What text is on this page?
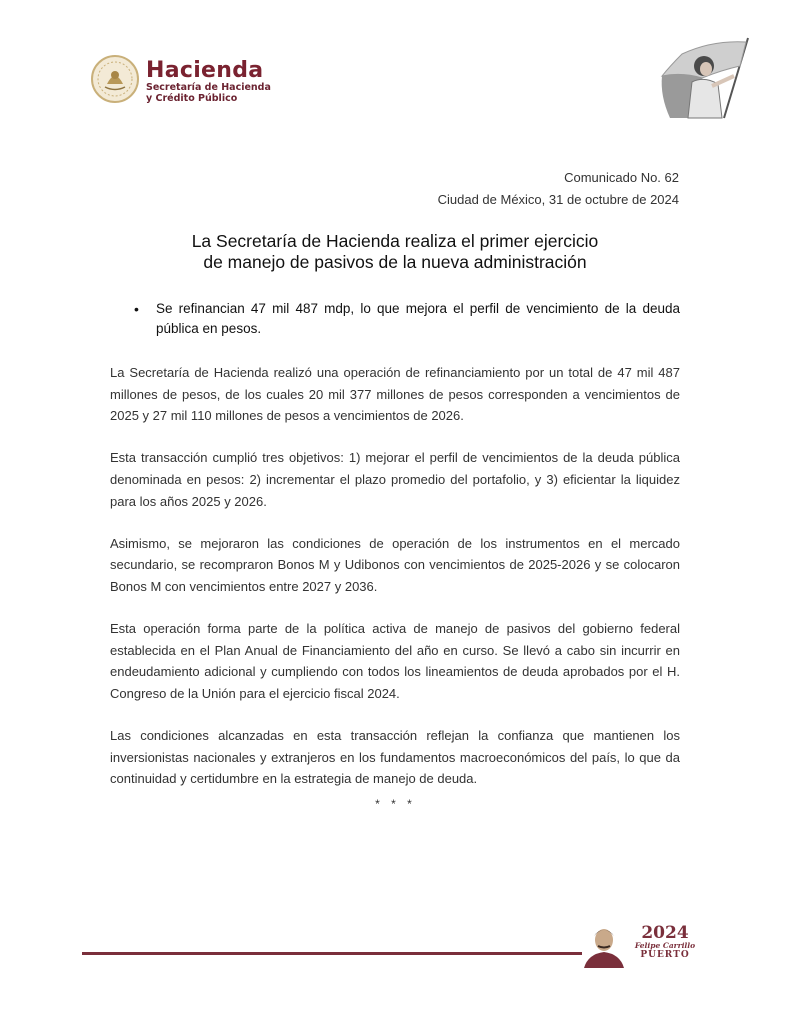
Hacienda
Secretaría de Hacienda
y Crédito Público
Comunicado No. 62
Ciudad de México, 31 de octubre de 2024
La Secretaría de Hacienda realiza el primer ejercicio
de manejo de pasivos de la nueva administración
•	Se refinancian 47 mil 487 mdp, lo que mejora el perfil de vencimiento de la deuda pública en pesos.

La Secretaría de Hacienda realizó una operación de refinanciamiento por un total de 47 mil 487 millones de pesos, de los cuales 20 mil 377 millones de pesos corresponden a vencimientos de 2025 y 27 mil 110 millones de pesos a vencimientos de 2026.

Esta transacción cumplió tres objetivos: 1) mejorar el perfil de vencimientos de la deuda pública denominada en pesos: 2) incrementar el plazo promedio del portafolio, y 3) eficientar la liquidez para los años 2025 y 2026.

Asimismo, se mejoraron las condiciones de operación de los instrumentos en el mercado secundario, se recompraron Bonos M y Udibonos con vencimientos de 2025-2026 y se colocaron Bonos M con vencimientos entre 2027 y 2036.

Esta operación forma parte de la política activa de manejo de pasivos del gobierno federal establecida en el Plan Anual de Financiamiento del año en curso. Se llevó a cabo sin incurrir en endeudamiento adicional y cumpliendo con todos los lineamientos de deuda aprobados por el H. Congreso de la Unión para el ejercicio fiscal 2024.

Las condiciones alcanzadas en esta transacción reflejan la confianza que mantienen los inversionistas nacionales y extranjeros en los fundamentos macroeconómicos del país, lo que da continuidad y certidumbre en la estrategia de manejo de deuda.

* * *
2024
Felipe Carrillo
PUERTO
